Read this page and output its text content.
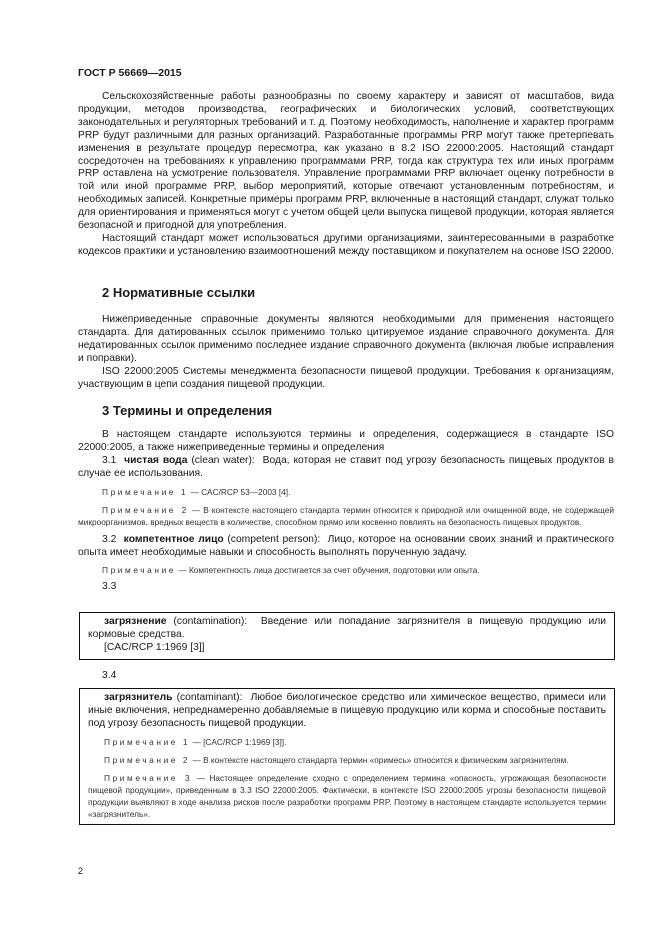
ГОСТ Р 56669—2015

Сельскохозяйственные работы разнообразны по своему характеру и зависят от масштабов, вида продукции, методов производства, географических и биологических условий, соответствующих законодательных и регуляторных требований и т. д. Поэтому необходимость, наполнение и характер программ PRP будут различными для разных организаций. Разработанные программы PRP могут также претерпевать изменения в результате процедур пересмотра, как указано в 8.2 ISO 22000:2005. Настоящий стандарт сосредоточен на требованиях к управлению программами PRP, тогда как структура тех или иных программ PRP оставлена на усмотрение пользователя. Управление программами PRP включает оценку потребности в той или иной программе PRP, выбор мероприятий, которые отвечают установленным потребностям, и необходимых записей. Конкретные примеры программ PRP, включенные в настоящий стандарт, служат только для ориентирования и применяться могут с учетом общей цели выпуска пищевой продукции, которая является безопасной и пригодной для употребления.

Настоящий стандарт может использоваться другими организациями, заинтересованными в разработке кодексов практики и установлению взаимоотношений между поставщиком и покупателем на основе ISO 22000.

2 Нормативные ссылки

Нижеприведенные справочные документы являются необходимыми для применения настоящего стандарта. Для датированных ссылок применимо только цитируемое издание справочного документа. Для недатированных ссылок применимо последнее издание справочного документа (включая любые исправления и поправки).

ISO 22000:2005 Системы менеджмента безопасности пищевой продукции. Требования к организациям, участвующим в цепи создания пищевой продукции.

3 Термины и определения

В настоящем стандарте используются термины и определения, содержащиеся в стандарте ISO 22000:2005, а также нижеприведенные термины и определения

3.1 чистая вода (clean water): Вода, которая не ставит под угрозу безопасность пищевых продуктов в случае ее использования.

Примечание 1 — CAC/RCP 53—2003 [4].

Примечание 2 — В контексте настоящего стандарта термин относится к природной или очищенной воде, не содержащей микроорганизмов, вредных веществ в количестве, способном прямо или косвенно повлиять на безопасность пищевых продуктов.

3.2 компетентное лицо (competent person): Лицо, которое на основании своих знаний и практического опыта имеет необходимые навыки и способность выполнять порученную задачу.

Примечание — Компетентность лица достигается за счет обучения, подготовки или опыта.

3.3

загрязнение (contamination): Введение или попадание загрязнителя в пищевую продукцию или кормовые средства.

[CAC/RCP 1:1969 [3]]

3.4

загрязнитель (contaminant): Любое биологическое средство или химическое вещество, примеси или иные включения, непреднамеренно добавляемые в пищевую продукцию или корма и способные поставить под угрозу безопасность пищевой продукции.

Примечание 1 — [CAC/RCP 1:1969 [3]].

Примечание 2 — В контексте настоящего стандарта термин «примесь» относится к физическим загрязнителям.

Примечание 3 — Настоящее определение сходно с определением термина «опасность, угрожающая безопасности пищевой продукции», приведенным в 3.3 ISO 22000:2005. Фактически, в контексте ISO 22000:2005 угрозы безопасности пищевой продукции выявляют в ходе анализа рисков после разработки программ PRP. Поэтому в настоящем стандарте используется термин «загрязнитель».

2
